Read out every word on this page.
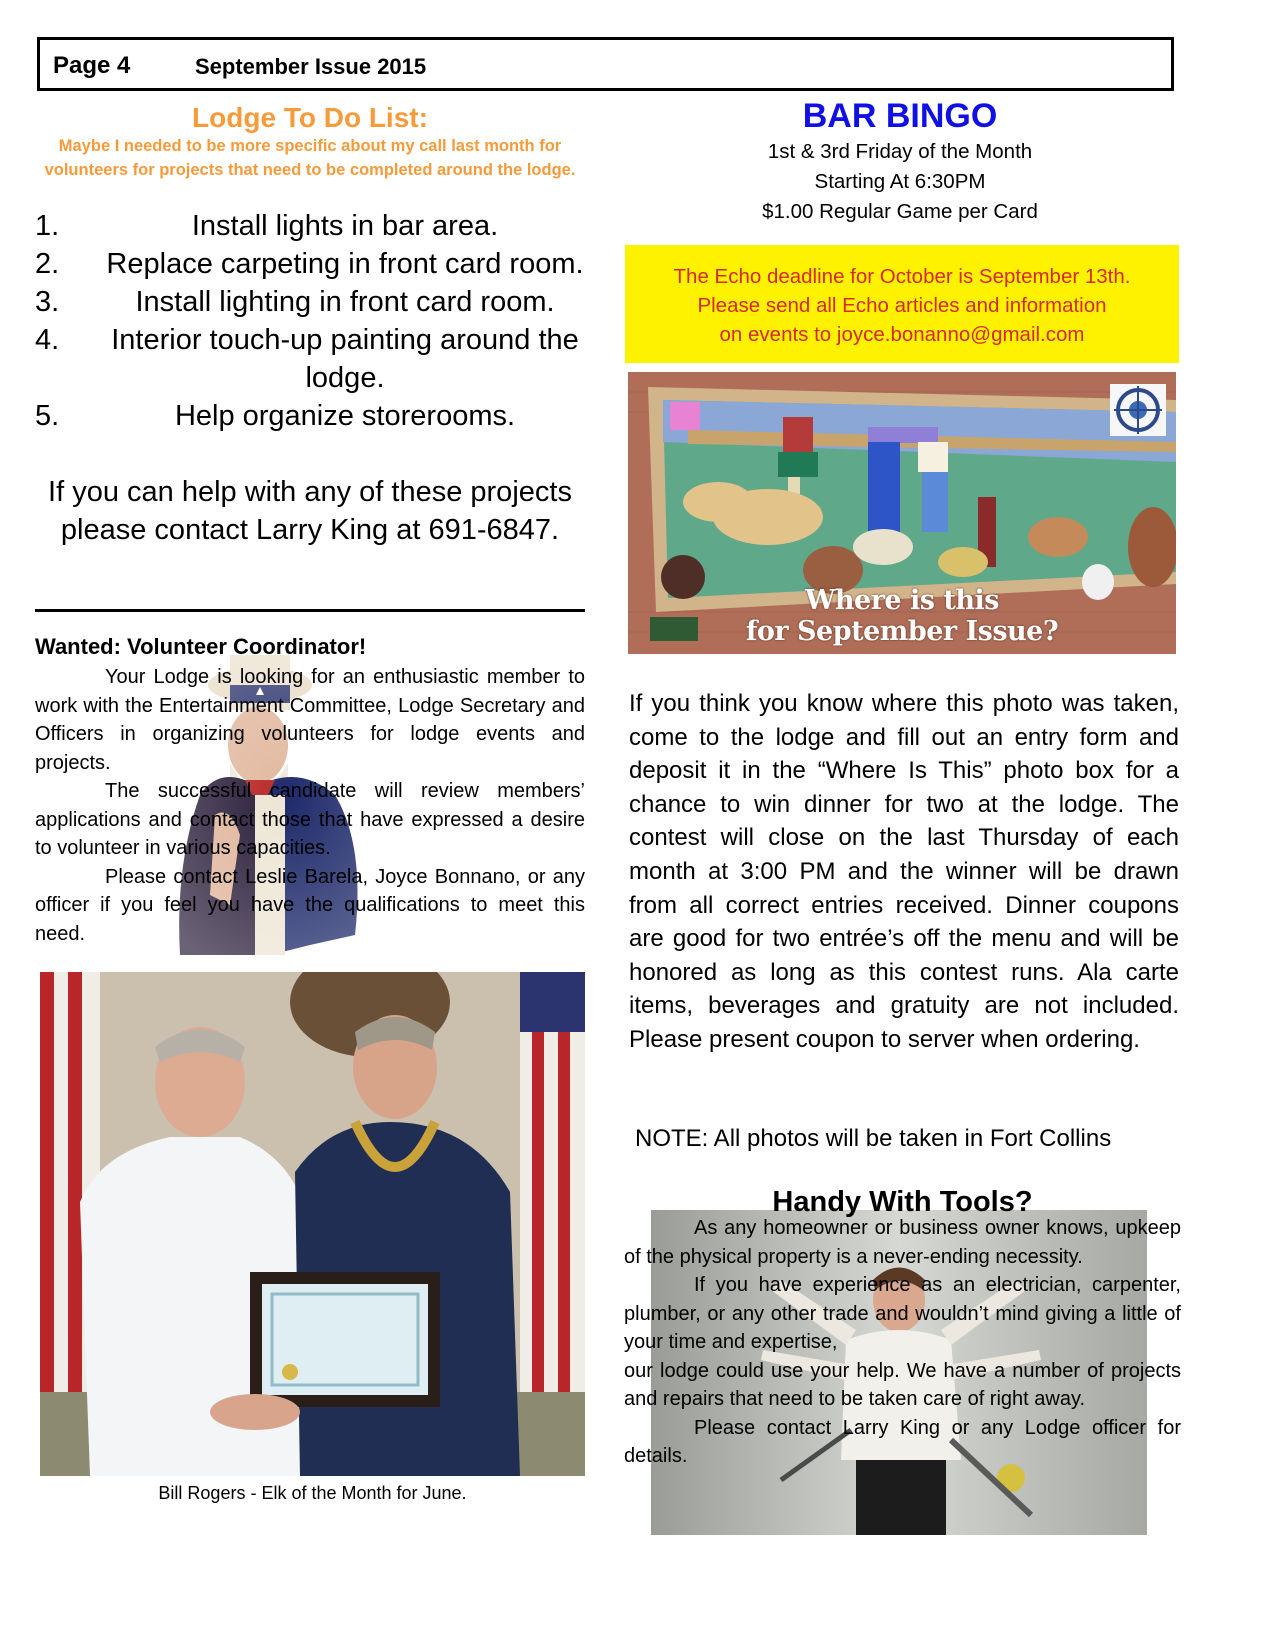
Page 4	September Issue 2015
Lodge To Do List:
Maybe I needed to be more specific about my call last month for volunteers for projects that need to be completed around the lodge.
1.	Install lights in bar area.
2.	Replace carpeting in front card room.
3.	Install lighting in front card room.
4.	Interior touch-up painting around the lodge.
5.	Help organize storerooms.
If you can help with any of these projects please contact Larry King at 691-6847.
Wanted: Volunteer Coordinator!

Your Lodge is looking for an enthusiastic member to work with the Entertainment Committee, Lodge Secretary and Officers in organizing volunteers for lodge events and projects.

The successful candidate will review members’ applications and contact those that have expressed a desire to volunteer in various capacities.

Please contact Leslie Barela, Joyce Bonnano, or any officer if you feel you have the qualifications to meet this need.

Bill Rogers - Elk of the Month for June.
BAR BINGO
1st & 3rd Friday of the Month
Starting At 6:30PM
$1.00 Regular Game per Card
The Echo deadline for October is September 13th.
Please send all Echo articles and information
on events to joyce.bonanno@gmail.com
Where is this
for September Issue?
If you think you know where this photo was taken, come to the lodge and fill out an entry form and deposit it in the “Where Is This” photo box for a chance to win dinner for two at the lodge. The contest will close on the last Thursday of each month at 3:00 PM and the winner will be drawn from all correct entries received. Dinner coupons are good for two entrée’s off the menu and will be honored as long as this contest runs. Ala carte items, beverages and gratuity are not included. Please present coupon to server when ordering.
NOTE: All photos will be taken in Fort Collins
Handy With Tools?

As any homeowner or business owner knows, upkeep of the physical property is a never-ending necessity.

If you have experience as an electrician, carpenter, plumber, or any other trade and wouldn’t mind giving a little of your time and expertise,

our lodge could use your help. We have a number of projects and repairs that need to be taken care of right away.

Please contact Larry King or any Lodge officer for details.
